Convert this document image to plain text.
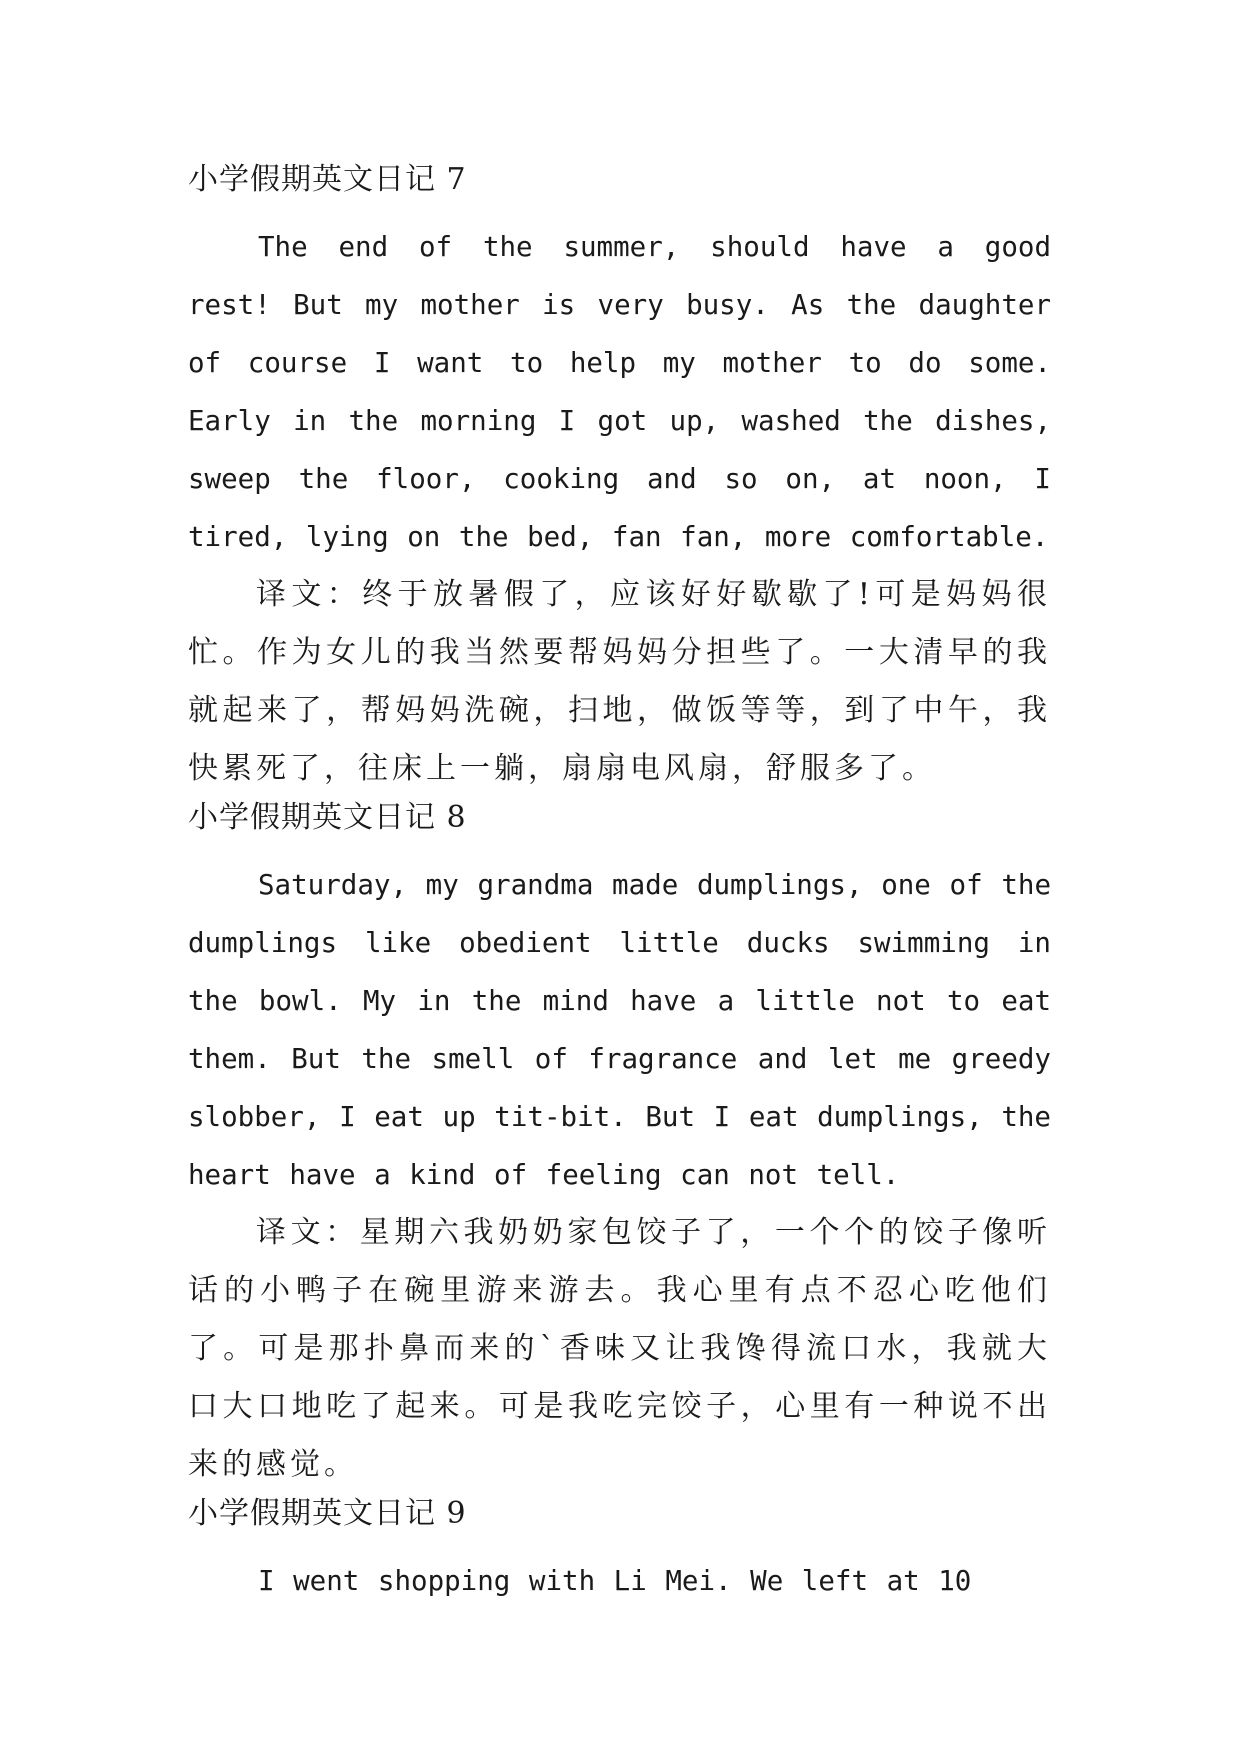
小学假期英文日记 7

The end of the summer, should have a good rest! But my mother is very busy. As the daughter of course I want to help my mother to do some. Early in the morning I got up, washed the dishes, sweep the floor, cooking and so on, at noon, I tired, lying on the bed, fan fan, more comfortable.

译文：终于放暑假了，应该好好歇歇了!可是妈妈很忙。作为女儿的我当然要帮妈妈分担些了。一大清早的我就起来了，帮妈妈洗碗，扫地，做饭等等，到了中午，我快累死了，往床上一躺，扇扇电风扇，舒服多了。

小学假期英文日记 8

Saturday, my grandma made dumplings, one of the dumplings like obedient little ducks swimming in the bowl. My in the mind have a little not to eat them. But the smell of fragrance and let me greedy slobber, I eat up tit-bit. But I eat dumplings, the heart have a kind of feeling can not tell.

译文：星期六我奶奶家包饺子了，一个个的饺子像听话的小鸭子在碗里游来游去。我心里有点不忍心吃他们了。可是那扑鼻而来的`香味又让我馋得流口水，我就大口大口地吃了起来。可是我吃完饺子，心里有一种说不出来的感觉。

小学假期英文日记 9

I went shopping with Li Mei. We left at 10
